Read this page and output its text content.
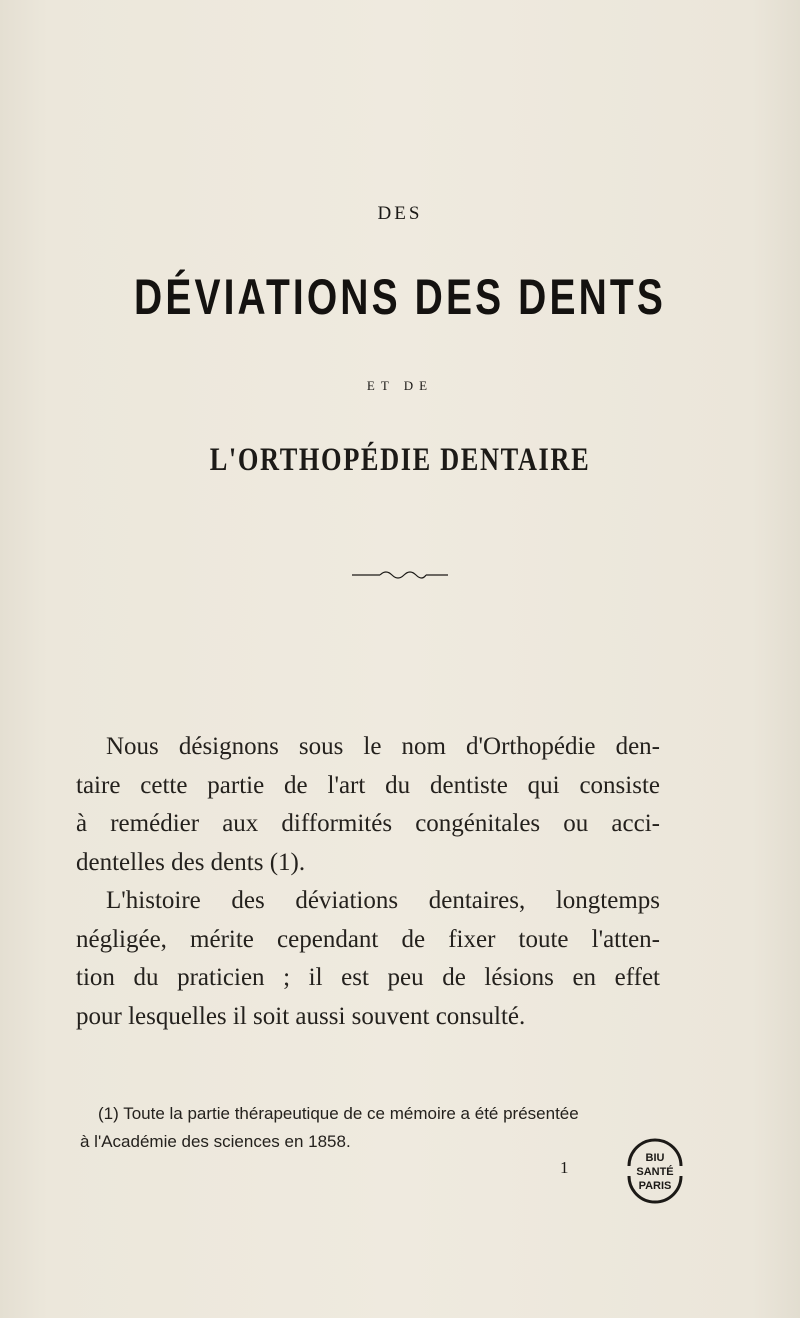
DES
DÉVIATIONS DES DENTS
ET DE
L'ORTHOPÉDIE DENTAIRE
Nous désignons sous le nom d'Orthopédie den-
taire cette partie de l'art du dentiste qui consiste
à remédier aux difformités congénitales ou acci-
dentelles des dents (1).
L'histoire des déviations dentaires, longtemps
négligée, mérite cependant de fixer toute l'atten-
tion du praticien ; il est peu de lésions en effet
pour lesquelles il soit aussi souvent consulté.
(1) Toute la partie thérapeutique de ce mémoire a été présentée
à l'Académie des sciences en 1858.
1	BIU
SANTÉ
PARIS
